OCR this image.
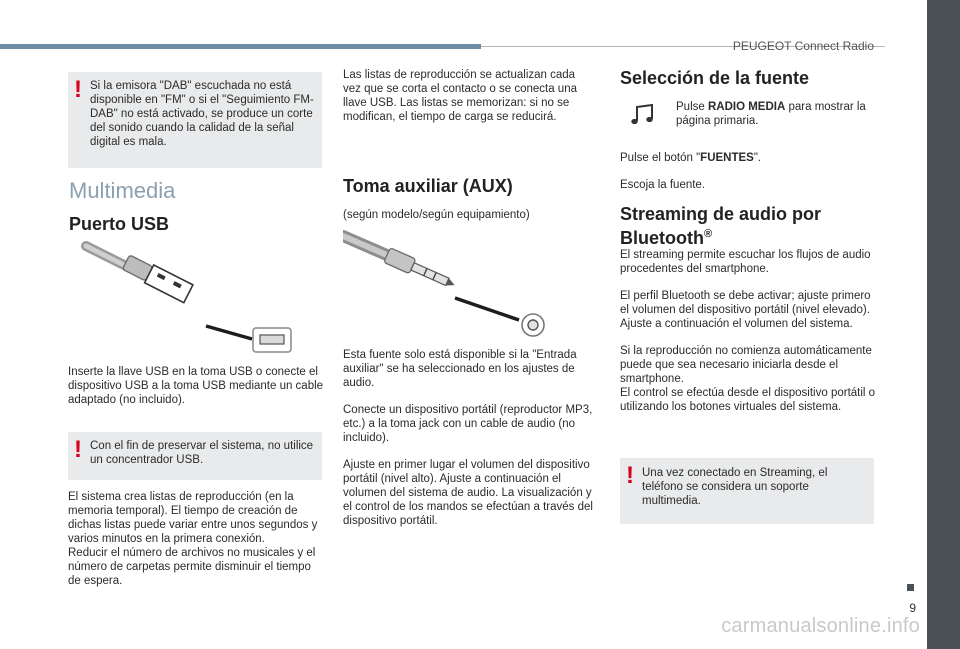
PEUGEOT Connect Radio
! Si la emisora "DAB" escuchada no está disponible en "FM" o si el "Seguimiento FM-DAB" no está activado, se produce un corte del sonido cuando la calidad de la señal digital es mala.
Multimedia
Puerto USB
Inserte la llave USB en la toma USB o conecte el dispositivo USB a la toma USB mediante un cable adaptado (no incluido).
! Con el fin de preservar el sistema, no utilice un concentrador USB.
El sistema crea listas de reproducción (en la memoria temporal). El tiempo de creación de dichas listas puede variar entre unos segundos y varios minutos en la primera conexión.
Reducir el número de archivos no musicales y el número de carpetas permite disminuir el tiempo de espera.
Las listas de reproducción se actualizan cada vez que se corta el contacto o se conecta una llave USB. Las listas se memorizan: si no se modifican, el tiempo de carga se reducirá.
Toma auxiliar (AUX)
(según modelo/según equipamiento)

Esta fuente solo está disponible si la "Entrada auxiliar" se ha seleccionado en los ajustes de audio.

Conecte un dispositivo portátil (reproductor MP3, etc.) a la toma jack con un cable de audio (no incluido).

Ajuste en primer lugar el volumen del dispositivo portátil (nivel alto). Ajuste a continuación el volumen del sistema de audio. La visualización y el control de los mandos se efectúan a través del dispositivo portátil.

Selección de la fuente
Pulse RADIO MEDIA para mostrar la página primaria.
Pulse el botón "FUENTES".
Escoja la fuente.
Streaming de audio por Bluetooth®

El streaming permite escuchar los flujos de audio procedentes del smartphone.

El perfil Bluetooth se debe activar; ajuste primero el volumen del dispositivo portátil (nivel elevado).
Ajuste a continuación el volumen del sistema.

Si la reproducción no comienza automáticamente puede que sea necesario iniciarla desde el smartphone.
El control se efectúa desde el dispositivo portátil o utilizando los botones virtuales del sistema.

! Una vez conectado en Streaming, el teléfono se considera un soporte multimedia.
9
carmanualsonline.info
